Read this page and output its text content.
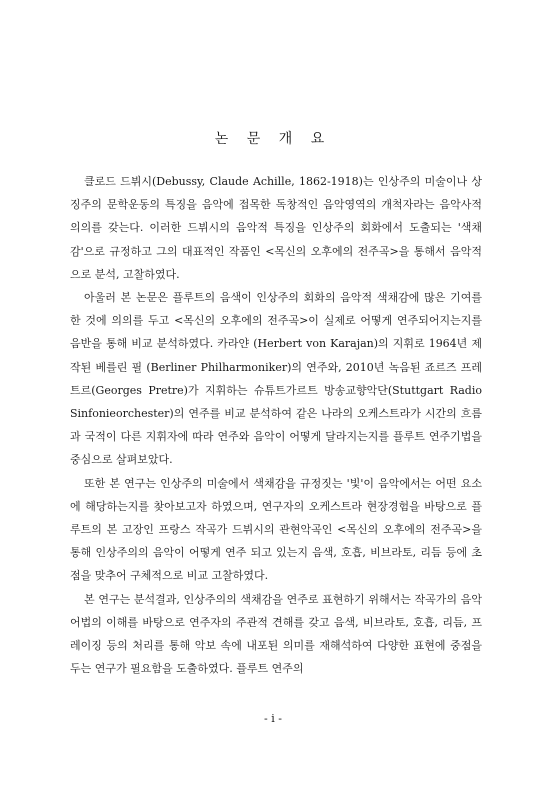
논 문 개 요

클로드 드뷔시(Debussy, Claude Achille, 1862-1918)는 인상주의 미술이나 상징주의 문학운동의 특징을 음악에 접목한 독창적인 음악영역의 개척자라는 음악사적 의의를 갖는다. 이러한 드뷔시의 음악적 특징을 인상주의 회화에서 도출되는 '색채감'으로 규정하고 그의 대표적인 작품인 <목신의 오후에의 전주곡>을 통해서 음악적으로 분석, 고찰하였다.

아울러 본 논문은 플루트의 음색이 인상주의 회화의 음악적 색채감에 많은 기여를 한 것에 의의를 두고 <목신의 오후에의 전주곡>이 실제로 어떻게 연주되어지는지를 음반을 통해 비교 분석하였다. 카라얀 (Herbert von Karajan)의 지휘로 1964년 제작된 베를린 필 (Berliner Philharmoniker)의 연주와, 2010년 녹음된 죠르즈 프레트르(Georges Pretre)가 지휘하는 슈튜트가르트 방송교향악단(Stuttgart Radio Sinfonieorchester)의 연주를 비교 분석하여 같은 나라의 오케스트라가 시간의 흐름과 국적이 다른 지휘자에 따라 연주와 음악이 어떻게 달라지는지를 플루트 연주기법을 중심으로 살펴보았다.

또한 본 연구는 인상주의 미술에서 색채감을 규정짓는 '빛'이 음악에서는 어떤 요소에 해당하는지를 찾아보고자 하였으며, 연구자의 오케스트라 현장경험을 바탕으로 플루트의 본 고장인 프랑스 작곡가 드뷔시의 관현악곡인 <목신의 오후에의 전주곡>을 통해 인상주의의 음악이 어떻게 연주 되고 있는지 음색, 호흡, 비브라토, 리듬 등에 초점을 맞추어 구체적으로 비교 고찰하였다.

본 연구는 분석결과, 인상주의의 색채감을 연주로 표현하기 위해서는 작곡가의 음악어법의 이해를 바탕으로 연주자의 주관적 견해를 갖고 음색, 비브라토, 호흡, 리듬, 프레이징 등의 처리를 통해 악보 속에 내포된 의미를 재해석하여 다양한 표현에 중점을 두는 연구가 필요함을 도출하였다. 플루트 연주의

- i -
